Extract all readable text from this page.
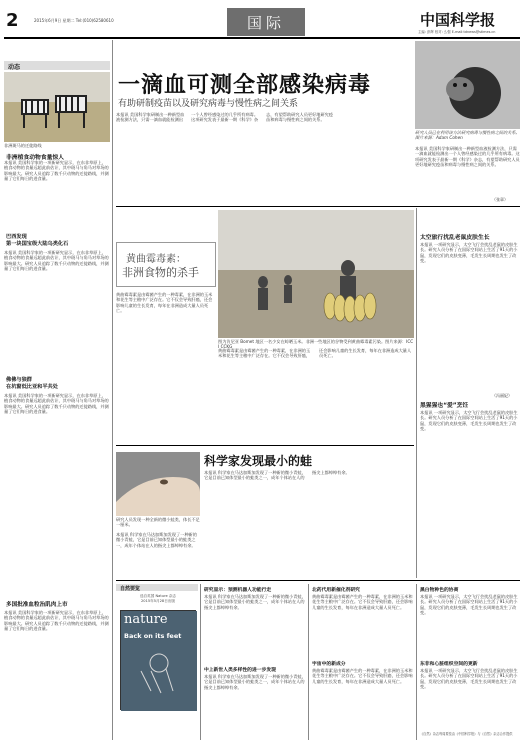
2	2015年6月9日 星期二 Tel:(010)62580610	国际	中国科学报
主编: 彭辉 校对: 么强 E-mail:tdnews@stimes.cn
动态
非洲斑马的迁徙路线
非洲植食动物食量惊人
本报讯 美国科学家的一项新研究显示，在东非草原上，植食动物的食量远超此前估计，其中斑马与角马对草场的影响最大。研究人员追踪了数千只动物的迁徙路线，并测量了它们每日的进食量。
巴西发现
第一块国宝级大陆乌类化石
本报讯 美国科学家的一项新研究显示，在东非草原上，植食动物的食量远超此前估计，其中斑马与角马对草场的影响最大。研究人员追踪了数千只动物的迁徙路线，并测量了它们每日的进食量。
佛佛与狼群
在坑窗低比亚和平共处
本报讯 美国科学家的一项新研究显示，在东非草原上，植食动物的食量远超此前估计，其中斑马与角马对草场的影响最大。研究人员追踪了数千只动物的迁徙路线，并测量了它们每日的进食量。
多国批准血粒治肌肉上市
本报讯 美国科学家的一项新研究显示，在东非草原上，植食动物的食量远超此前估计，其中斑马与角马对草场的影响最大。研究人员追踪了数千只动物的迁徙路线，并测量了它们每日的进食量。
一滴血可测全部感染病毒
有助研制疫苗以及研究病毒与慢性病之间关系
本报讯 美国科学家研制出一种新型血液检测方法，只需一滴血就能检测出一个人曾经感染过的几乎所有病毒。这项研究发表于最新一期《科学》杂志，有望帮助研究人员更好地研究疫苗和病毒与慢性病之间的关系。
研究人员已在利用该方法研究病毒与慢性病之间的关系。图片来源：Adam Cohen
本报讯 美国科学家研制出一种新型血液检测方法，只需一滴血就能检测出一个人曾经感染过的几乎所有病毒。这项研究发表于最新一期《科学》杂志，有望帮助研究人员更好地研究疫苗和病毒与慢性病之间的关系。
（张章）
黄曲霉毒素：
非洲食物的杀手
图为肯尼亚 Bomet 地区一名少女在晾晒玉米。非洲一些地区的谷物受到黄曲霉毒素污染。图片来源：ICCI CCKG
黄曲霉毒素是由霉菌产生的一种毒素，在非洲的玉米和花生等主粮中广泛存在。它不仅会导致肝癌，还会影响儿童的生长发育，每年在非洲造成大量人员死亡。
黄曲霉毒素是由霉菌产生的一种毒素，在非洲的玉米和花生等主粮中广泛存在。它不仅会导致肝癌，还会影响儿童的生长发育，每年在非洲造成大量人员死亡。
太空旅行扰乱老鼠皮肤生长
本报讯 一项研究显示，太空飞行会扰乱老鼠的皮肤生长。研究人员分析了在国际空间站上生活了91天的小鼠，发现它们的皮肤变薄，毛发生长周期也发生了改变。
（冯丽妃）
黑猩猩也“爱”烹饪
本报讯 一项研究显示，太空飞行会扰乱老鼠的皮肤生长。研究人员分析了在国际空间站上生活了91天的小鼠，发现它们的皮肤变薄，毛发生长周期也发生了改变。
研究人员发现一种全新的微小蛙类，体长不足一厘米。
科学家发现最小的蛙
本报讯 科学家在马达加斯加发现了一种新的微小青蛙，它是目前已知体型最小的蛙类之一，成年个体站在人的指尖上都绰绰有余。
本报讯 科学家在马达加斯加发现了一种新的微小青蛙，它是目前已知体型最小的蛙类之一，成年个体站在人的指尖上都绰绰有余。
自然要览
选自英国 Nature 杂志
2015年5月28日出版
nature
Back on its feet
研究显示：预测机器人功能行走
本报讯 科学家在马达加斯加发现了一种新的微小青蛙，它是目前已知体型最小的蛙类之一，成年个体站在人的指尖上都绰绰有余。
中上新世人类多样性的进一步发现
本报讯 科学家在马达加斯加发现了一种新的微小青蛙，它是目前已知体型最小的蛙类之一，成年个体站在人的指尖上都绰绰有余。
北药代用新催化剂研究
黄曲霉毒素是由霉菌产生的一种毒素，在非洲的玉米和花生等主粮中广泛存在。它不仅会导致肝癌，还会影响儿童的生长发育，每年在非洲造成大量人员死亡。
宇宙中的新成分
黄曲霉毒素是由霉菌产生的一种毒素，在非洲的玉米和花生等主粮中广泛存在。它不仅会导致肝癌，还会影响儿童的生长发育，每年在非洲造成大量人员死亡。
黑白物种色的协商
本报讯 一项研究显示，太空飞行会扰乱老鼠的皮肤生长。研究人员分析了在国际空间站上生活了91天的小鼠，发现它们的皮肤变薄，毛发生长周期也发生了改变。
东非和心脏组织空间的更新
本报讯 一项研究显示，太空飞行会扰乱老鼠的皮肤生长。研究人员分析了在国际空间站上生活了91天的小鼠，发现它们的皮肤变薄，毛发生长周期也发生了改变。
《自然》杂志每周要览由《中国科学报》与《自然》杂志合作提供
